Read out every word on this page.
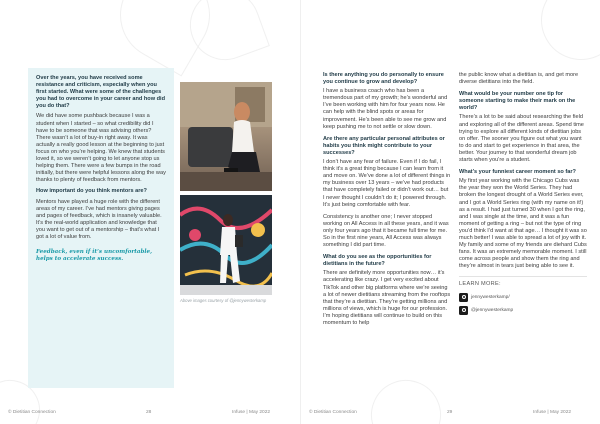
Over the years, you have received some resistance and criticism, especially when you first started. What were some of the challenges you had to overcome in your career and how did you do that?

We did have some pushback because I was a student when I started – so what credibility did I have to be someone that was advising others? There wasn’t a lot of buy-in right away. It was actually a really good lesson at the beginning to just focus on who you’re helping. We knew that students loved it, so we weren’t going to let anyone stop us helping them. There were a few bumps in the road initially, but there were helpful lessons along the way thanks to plenty of feedback from mentors.

How important do you think mentors are?

Mentors have played a huge role with the different areas of my career. I’ve had mentors giving pages and pages of feedback, which is insanely valuable. It’s the real-world application and knowledge that you want to get out of a mentorship – that’s what I got a lot of value from.

Feedback, even if it’s uncomfortable, helps to accelerate success.

Above images courtesy of @jennywesterkamp

© Dietitian Connection	28	Infuse | May 2022

Is there anything you do personally to ensure you continue to grow and develop?

I have a business coach who has been a tremendous part of my growth; he’s wonderful and I’ve been working with him for four years now. He can help with the blind spots or areas for improvement. He’s been able to see me grow and keep pushing me to not settle or slow down.

Are there any particular personal attributes or habits you think might contribute to your successes?

I don’t have any fear of failure. Even if I do fail, I think it’s a great thing because I can learn from it and move on. We’ve done a lot of different things in my business over 13 years – we’ve had products that have completely failed or didn’t work out… but I never thought I couldn’t do it; I powered through. It’s just being comfortable with fear.

Consistency is another one; I never stopped working on All Access in all these years, and it was only four years ago that it became full time for me. So in the first nine years, All Access was always something I did part time.

What do you see as the opportunities for dietitians in the future?

There are definitely more opportunities now… it’s accelerating like crazy. I get very excited about TikTok and other big platforms where we’re seeing a lot of newer dietitians streaming from the rooftops that they’re a dietitian. They’re getting millions and millions of views, which is huge for our profession. I’m hoping dietitians will continue to build on this momentum to help

the public know what a dietitian is, and get more diverse dietitians into the field.

What would be your number one tip for someone starting to make their mark on the world?

There’s a lot to be said about researching the field and exploring all of the different areas. Spend time trying to explore all different kinds of dietitian jobs on offer. The sooner you figure out what you want to do and start to get experience in that area, the better. Your journey to that wonderful dream job starts when you’re a student.

What’s your funniest career moment so far?

My first year working with the Chicago Cubs was the year they won the World Series. They had broken the longest drought of a World Series ever, and I got a World Series ring (with my name on it!) as a result. I had just turned 30 when I got the ring, and I was single at the time, and it was a fun moment of getting a ring – but not the type of ring you’d think I’d want at that age… I thought it was so much better! I was able to spread a lot of joy with it. My family and some of my friends are diehard Cubs fans. It was an extremely memorable moment. I still come across people and show them the ring and they’re almost in tears just being able to see it.

LEARN MORE:

jennywesterkamp/
@jennywesterkamp

© Dietitian Connection	29	Infuse | May 2022
